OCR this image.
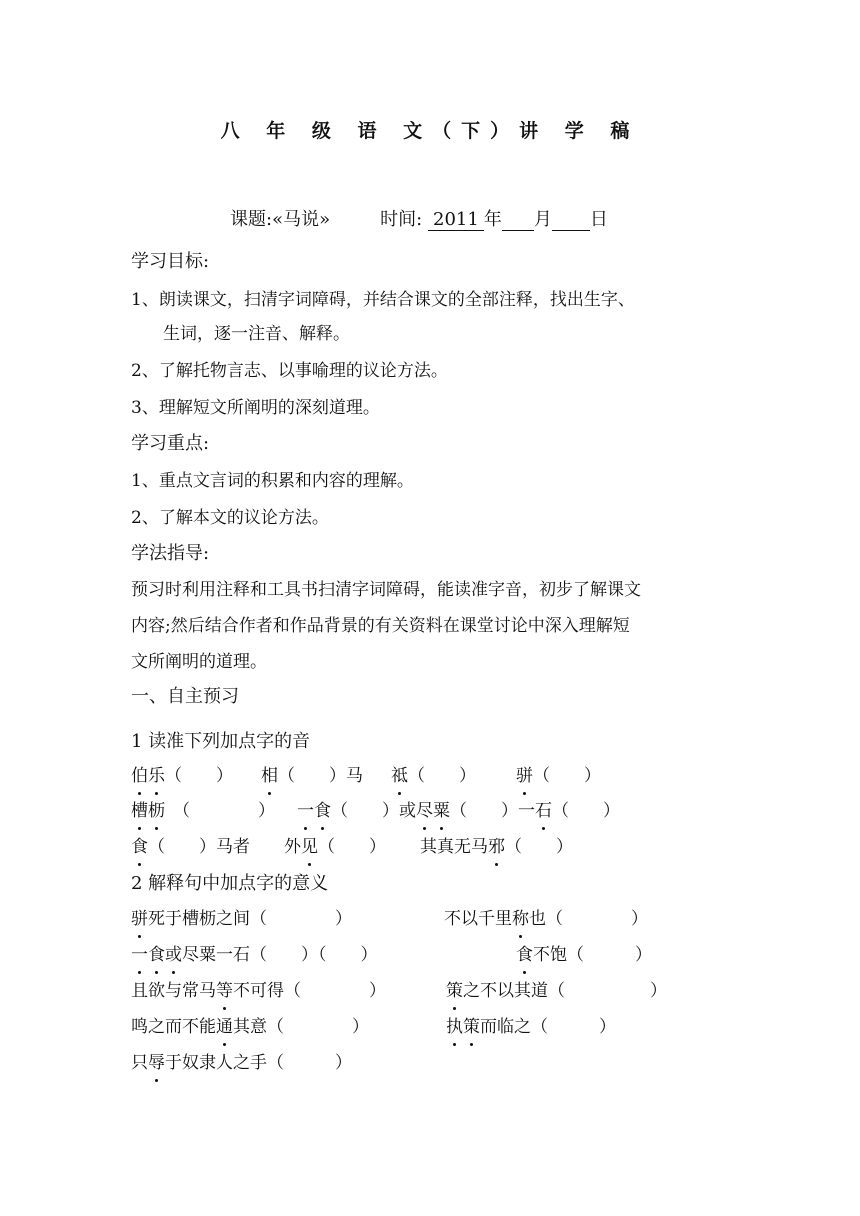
八 年 级 语 文（下）讲 学 稿
课题:«马说»	时间: 2011 年 月 日
学习目标:
1、朗读课文，扫清字词障碍，并结合课文的全部注释，找出生字、
生词，逐一注音、解释。
2、了解托物言志、以事喻理的议论方法。
3、理解短文所阐明的深刻道理。
学习重点:
1、重点文言词的积累和内容的理解。
2、了解本文的议论方法。
学法指导:
预习时利用注释和工具书扫清字词障碍，能读准字音，初步了解课文
内容;然后结合作者和作品背景的有关资料在课堂讨论中深入理解短
文所阐明的道理。
一、自主预习
1 读准下列加点字的音
伯乐（　　） 相（　　）马 祗（　　） 骈（　　）
槽枥 （　　　　） 一食（　　）或尽粟（　　）一石（　　）
食（　　）马者 外见（　　） 其真无马邪（　　）
2 解释句中加点字的意义
骈死于槽枥之间（　　　　）	不以千里称也（　　　　）
一食或尽粟一石（　　）（　　）	食不饱（　　　）
且欲与常马等不可得（　　　　）	策之不以其道（　　　　　）
鸣之而不能通其意（　　　　）	执策而临之（　　　）
只辱于奴隶人之手（　　　）
